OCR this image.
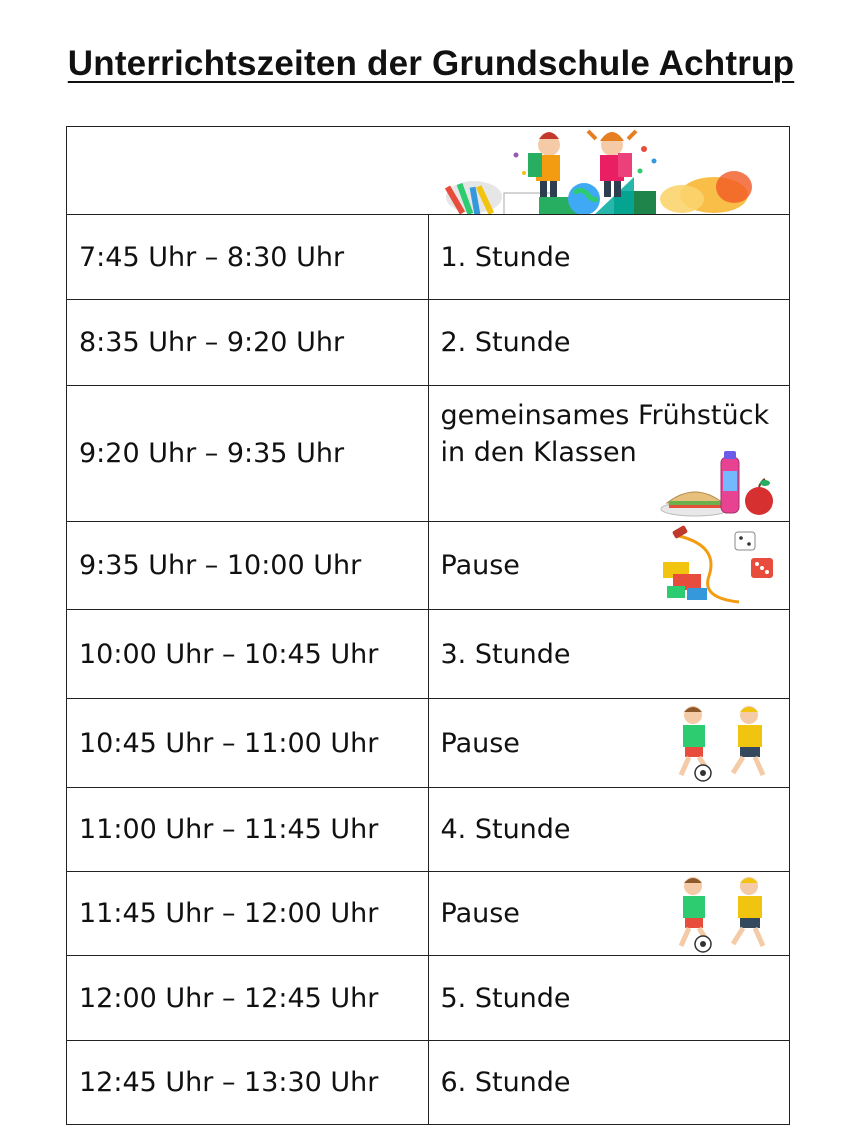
Unterrichtszeiten der Grundschule Achtrup

7:45 Uhr – 8:30 Uhr	1. Stunde
8:35 Uhr – 9:20 Uhr	2. Stunde
9:20 Uhr – 9:35 Uhr	gemeinsames Frühstück
in den Klassen

9:35 Uhr – 10:00 Uhr	Pause

10:00 Uhr – 10:45 Uhr	3. Stunde
10:45 Uhr – 11:00 Uhr	Pause

11:00 Uhr – 11:45 Uhr	4. Stunde
11:45 Uhr – 12:00 Uhr	Pause

12:00 Uhr – 12:45 Uhr	5. Stunde
12:45 Uhr – 13:30 Uhr	6. Stunde
